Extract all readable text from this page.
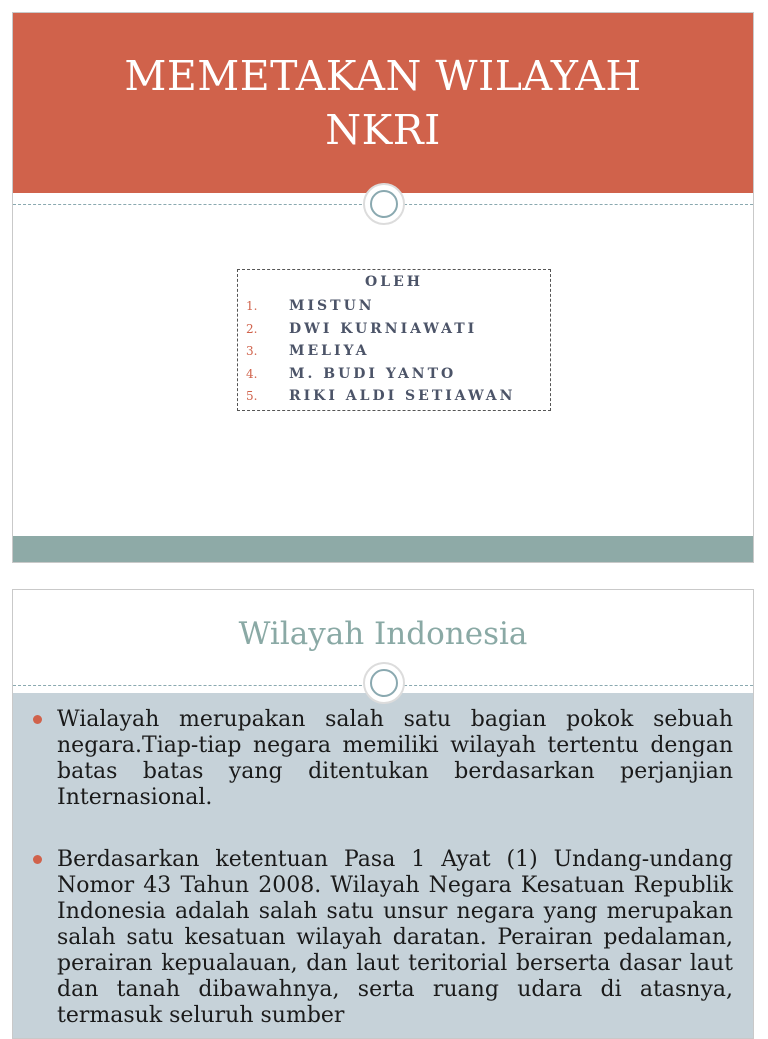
MEMETAKAN WILAYAH NKRI
OLEH
1.	MISTUN
2.	DWI KURNIAWATI
3.	MELIYA
4.	M. BUDI YANTO
5.	RIKI ALDI SETIAWAN
Wilayah Indonesia
Wialayah merupakan salah satu bagian pokok sebuah negara.Tiap-tiap negara memiliki wilayah tertentu dengan batas batas yang ditentukan berdasarkan perjanjian Internasional.
Berdasarkan ketentuan Pasa 1 Ayat (1) Undang-undang Nomor 43 Tahun 2008. Wilayah Negara Kesatuan Republik Indonesia adalah salah satu unsur negara yang merupakan salah satu kesatuan wilayah daratan. Perairan pedalaman, perairan kepualauan, dan laut teritorial berserta dasar laut dan tanah dibawahnya, serta ruang udara di atasnya, termasuk seluruh sumber
